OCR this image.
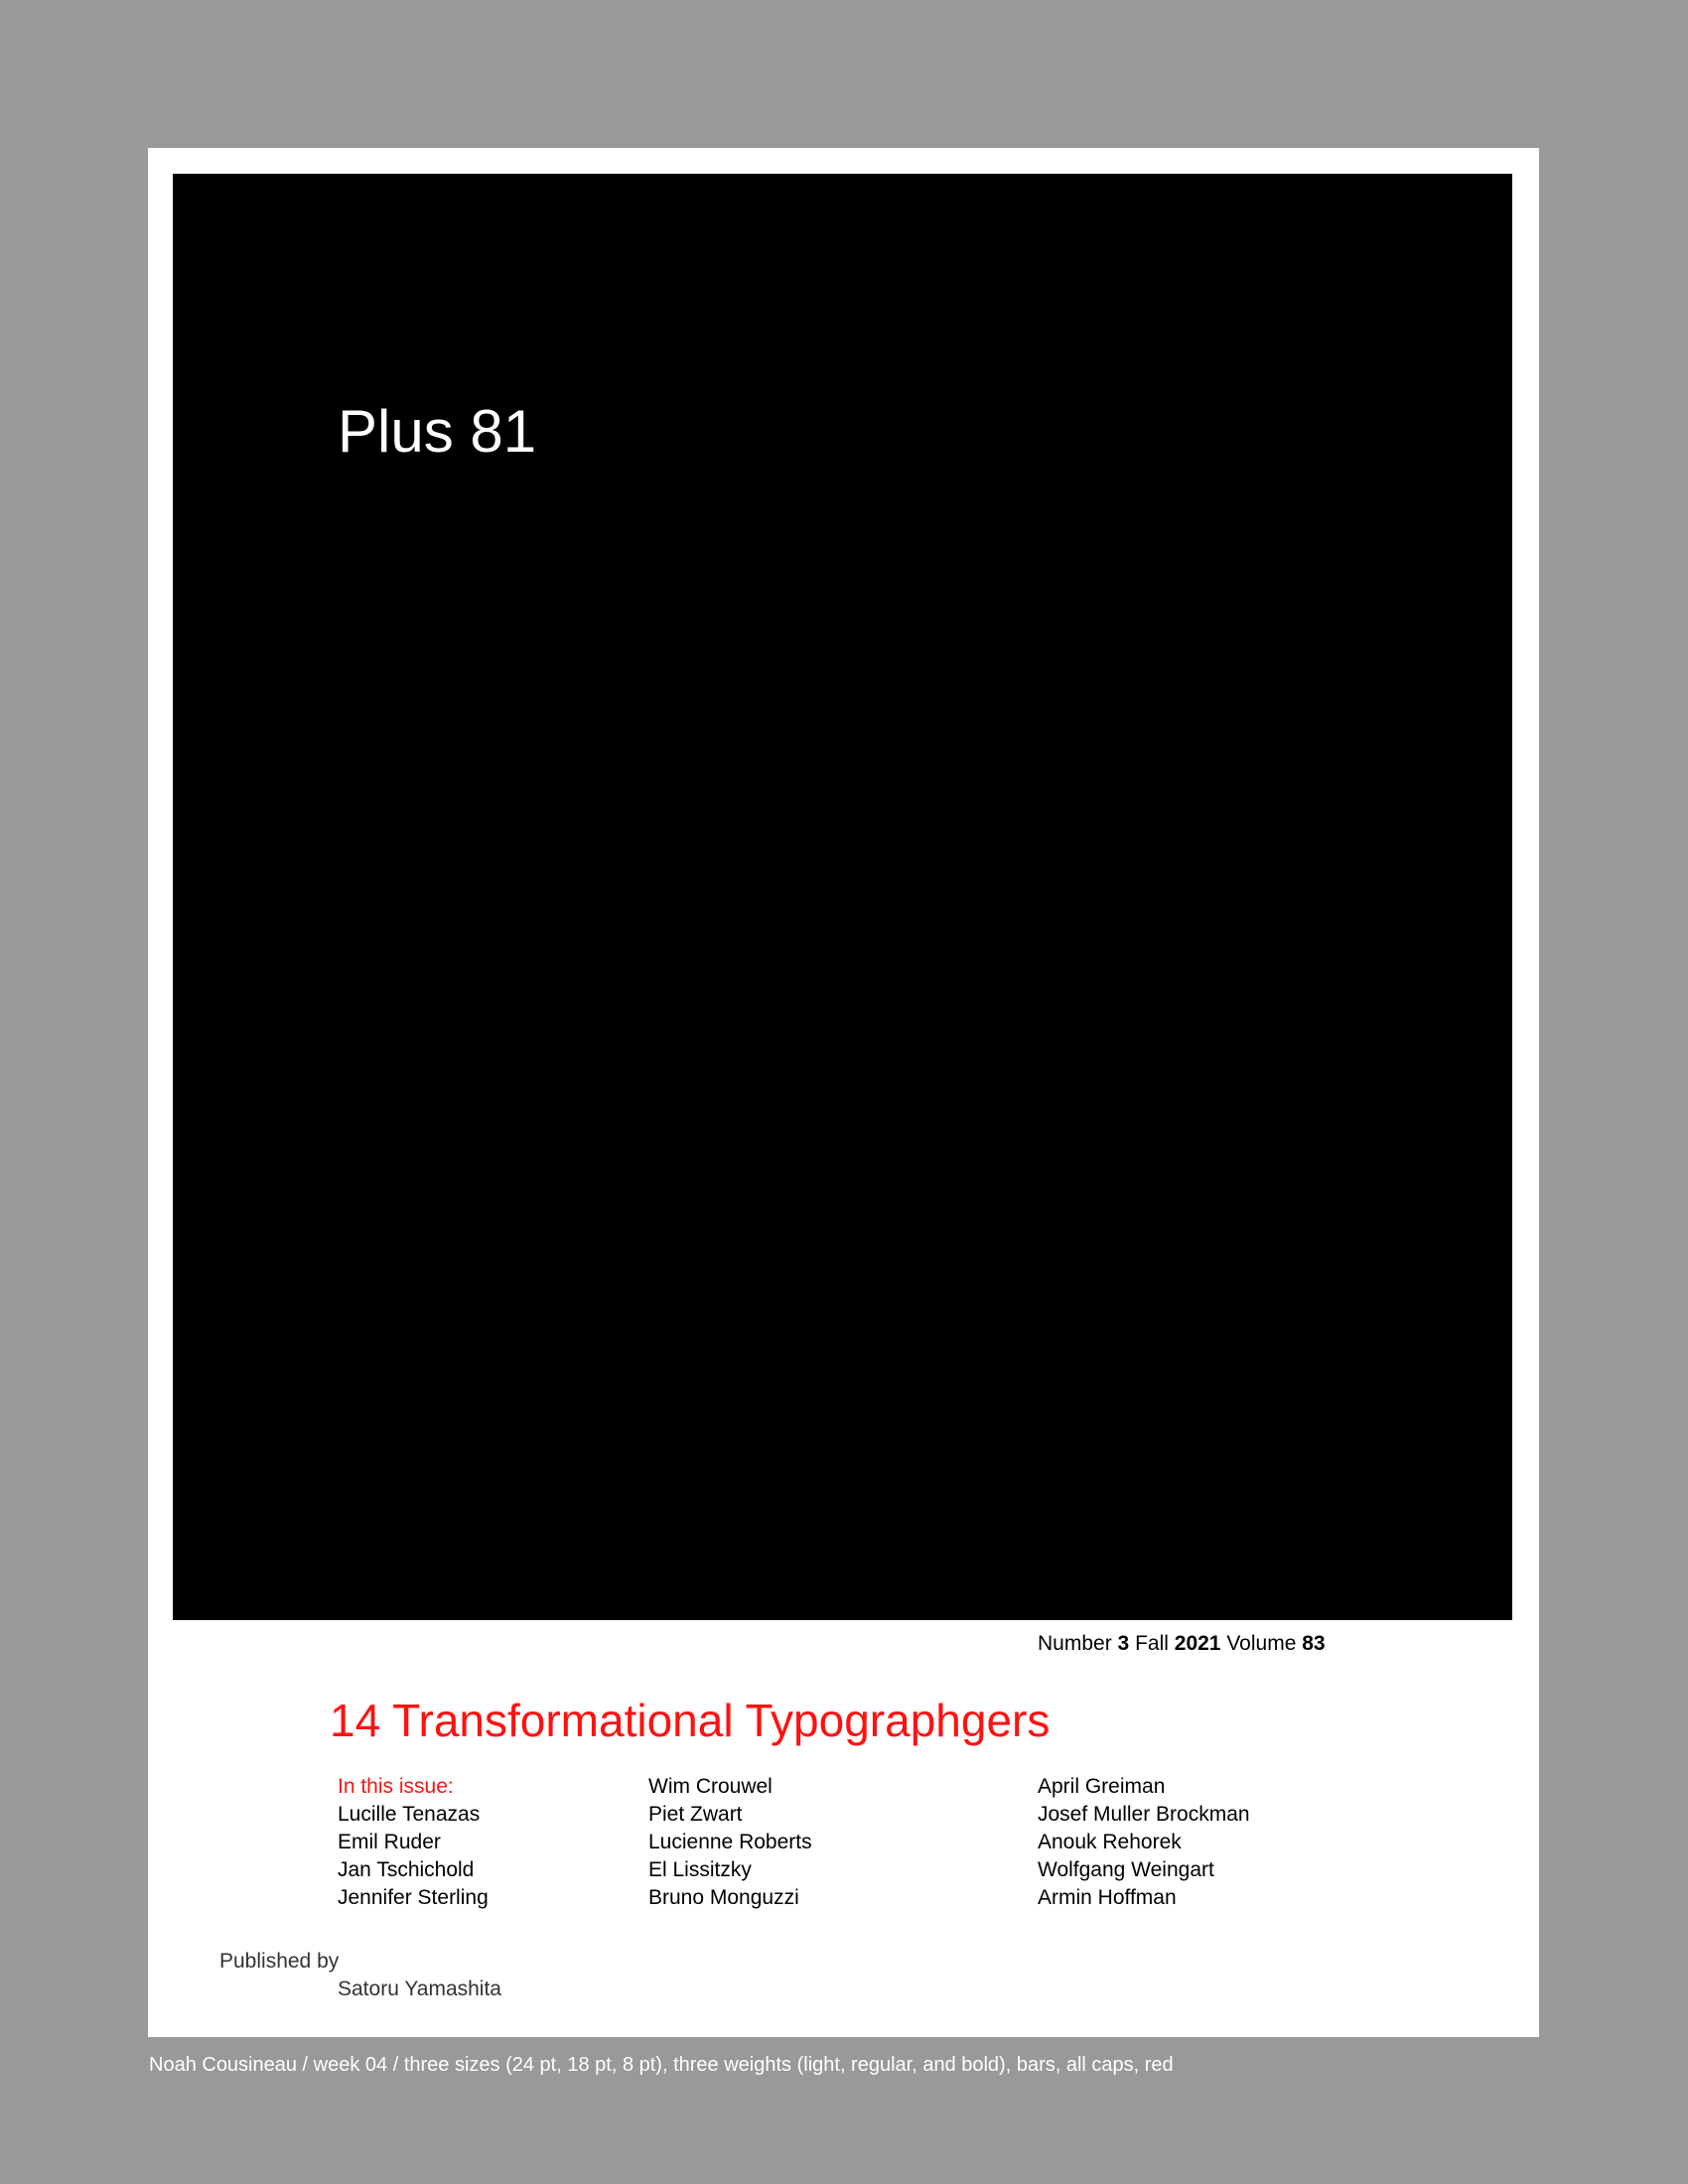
Plus 81
Number 3 Fall 2021 Volume 83
14 Transformational Typographgers
In this issue:
Lucille Tenazas
Emil Ruder
Jan Tschichold
Jennifer Sterling
Wim Crouwel
Piet Zwart
Lucienne Roberts
El Lissitzky
Bruno Monguzzi
April Greiman
Josef Muller Brockman
Anouk Rehorek
Wolfgang Weingart
Armin Hoffman
Published by
Satoru Yamashita
Noah Cousineau / week 04 / three sizes (24 pt, 18 pt, 8 pt), three weights (light, regular, and bold), bars, all caps, red
